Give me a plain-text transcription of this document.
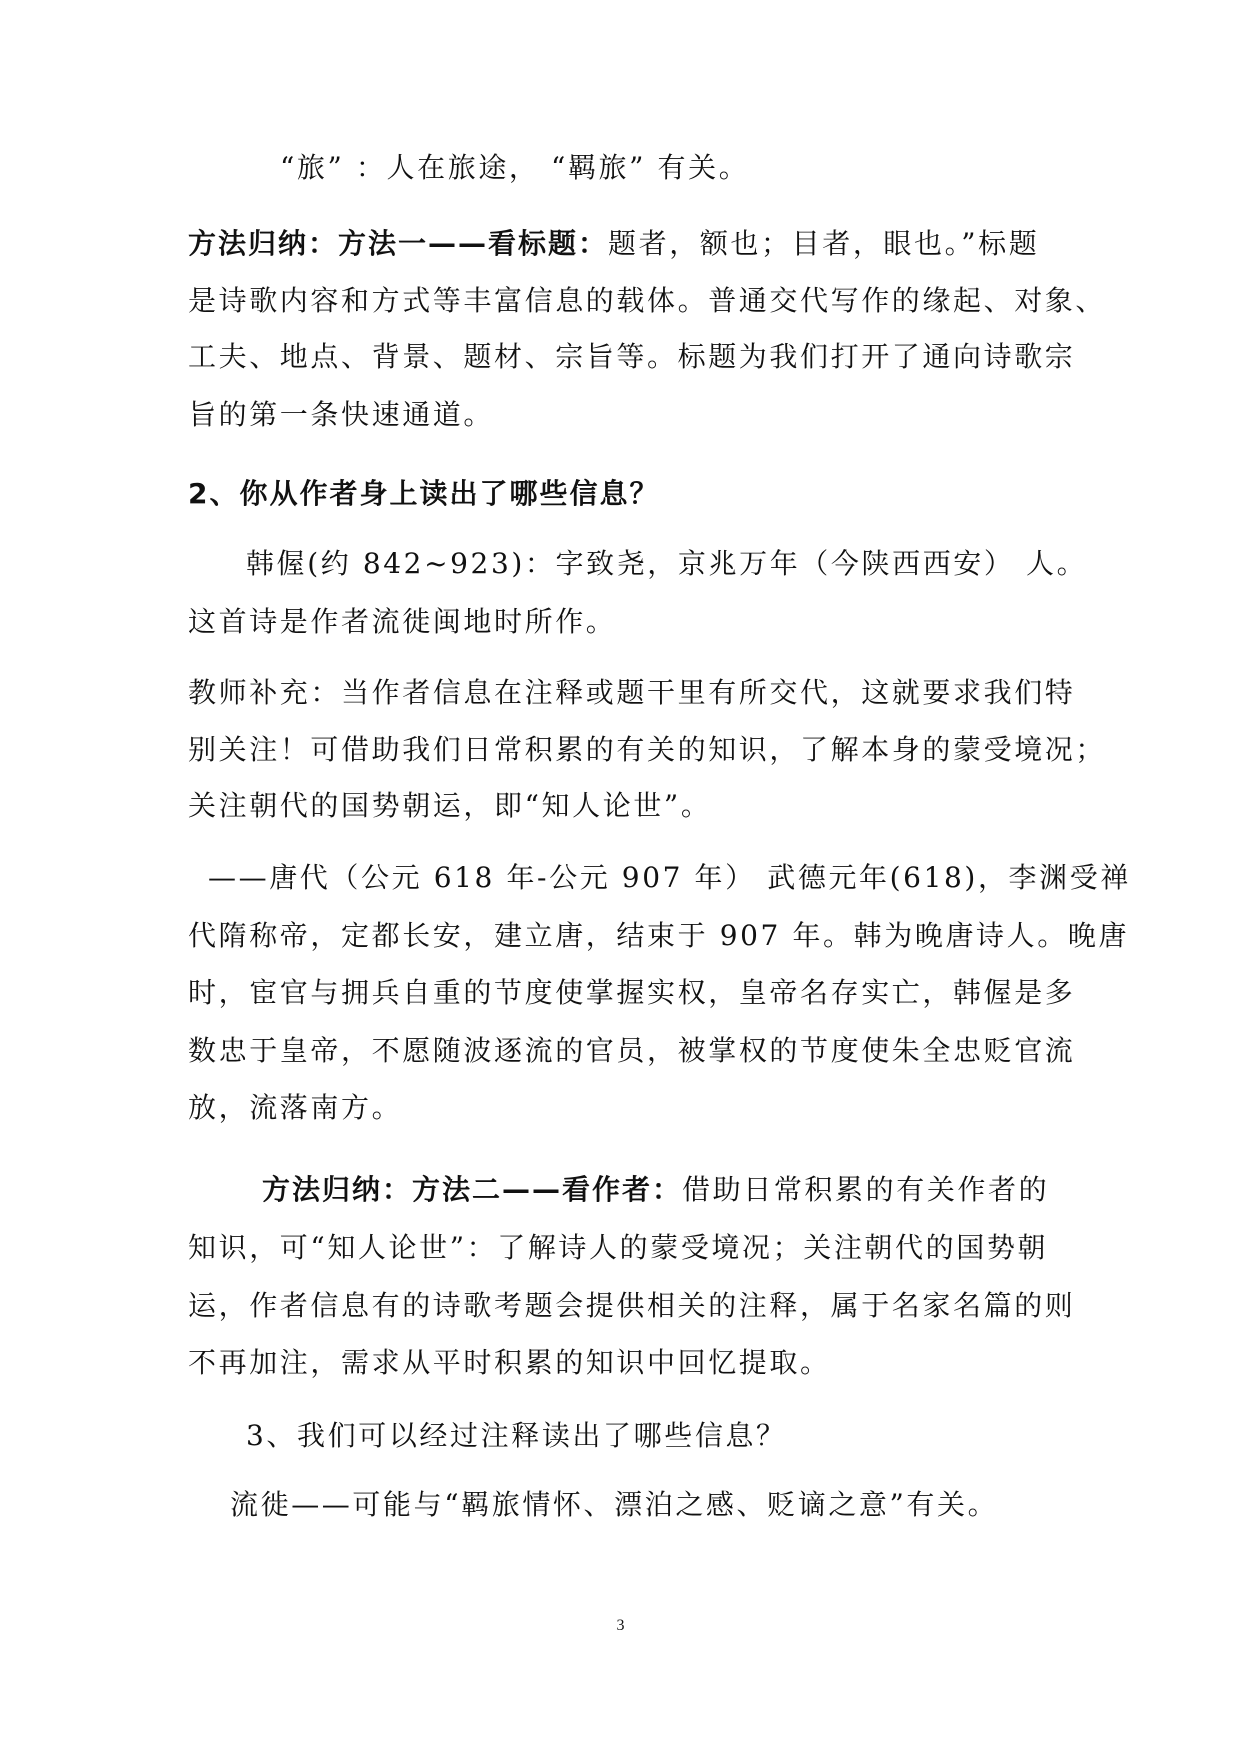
“旅” ：人在旅途， “羁旅” 有关。
方法归纳：方法一——看标题：题者，额也；目者，眼也。”标题
是诗歌内容和方式等丰富信息的载体。普通交代写作的缘起、对象、
工夫、地点、背景、题材、宗旨等。标题为我们打开了通向诗歌宗
旨的第一条快速通道。
2、你从作者身上读出了哪些信息？
韩偓(约 842~923)：字致尧，京兆万年（今陕西西安） 人。
这首诗是作者流徙闽地时所作。
教师补充：当作者信息在注释或题干里有所交代，这就要求我们特
别关注！可借助我们日常积累的有关的知识，了解本身的蒙受境况；
关注朝代的国势朝运，即“知人论世”。
——唐代（公元 618 年-公元 907 年） 武德元年(618)，李渊受禅
代隋称帝，定都长安，建立唐，结束于 907 年。韩为晚唐诗人。晚唐
时，宦官与拥兵自重的节度使掌握实权，皇帝名存实亡，韩偓是多
数忠于皇帝，不愿随波逐流的官员，被掌权的节度使朱全忠贬官流
放，流落南方。
方法归纳：方法二——看作者：借助日常积累的有关作者的
知识，可“知人论世”：了解诗人的蒙受境况；关注朝代的国势朝
运，作者信息有的诗歌考题会提供相关的注释，属于名家名篇的则
不再加注，需求从平时积累的知识中回忆提取。
3、我们可以经过注释读出了哪些信息？
流徙——可能与“羁旅情怀、漂泊之感、贬谪之意”有关。
3
